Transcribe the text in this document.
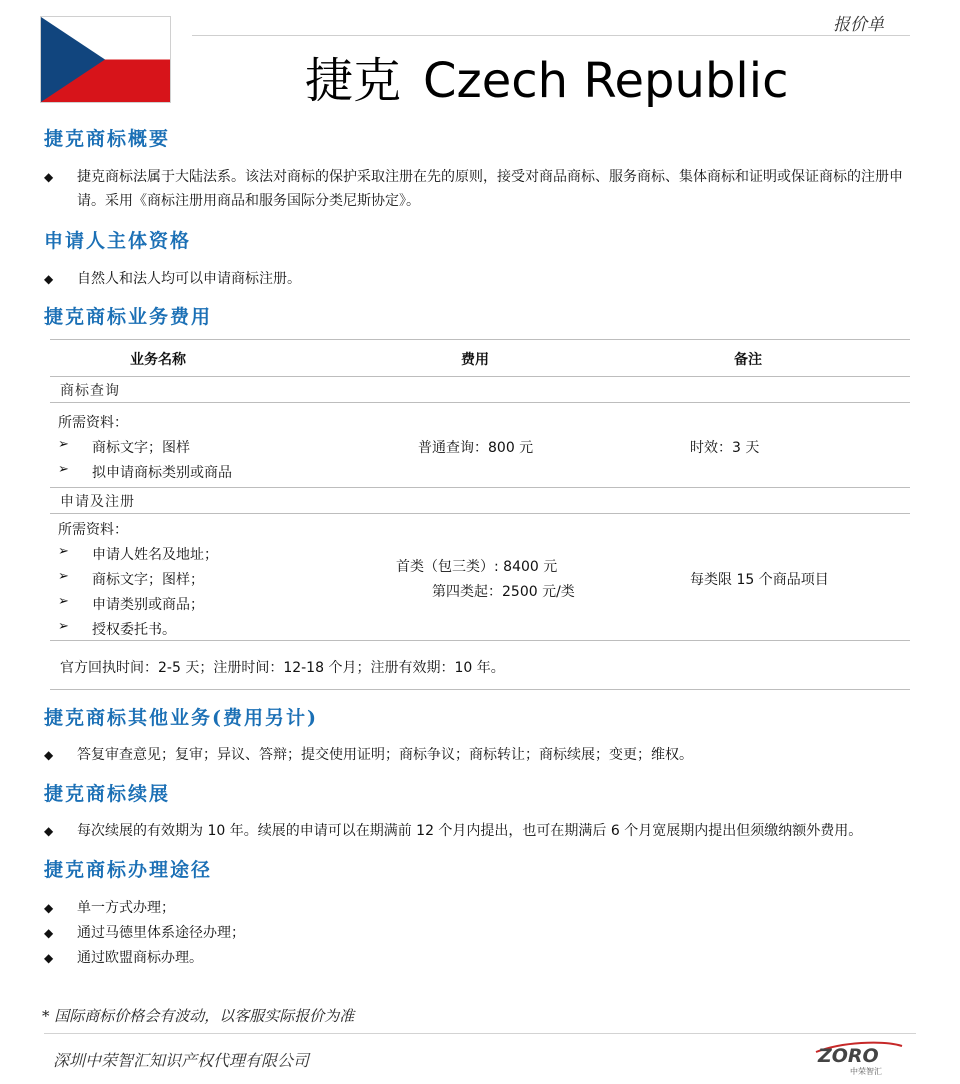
报价单
捷克 Czech Republic
捷克商标概要
◆	捷克商标法属于大陆法系。该法对商标的保护采取注册在先的原则，接受对商品商标、服务商标、集体商标和证明或保证商标的注册申请。采用《商标注册用商品和服务国际分类尼斯协定》。
申请人主体资格
◆	自然人和法人均可以申请商标注册。
捷克商标业务费用
业务名称	费用	备注
商标查询
所需资料：
➢ 商标文字；图样
➢ 拟申请商标类别或商品
普通查询：800 元	时效：3 天
申请及注册
所需资料：
➢ 申请人姓名及地址；
➢ 商标文字；图样；
➢ 申请类别或商品；
➢ 授权委托书。
首类（包三类）: 8400 元
第四类起：2500 元/类
每类限 15 个商品项目
官方回执时间：2-5 天；注册时间：12-18 个月；注册有效期：10 年。
捷克商标其他业务(费用另计)
◆	答复审查意见；复审；异议、答辩；提交使用证明；商标争议；商标转让；商标续展；变更；维权。
捷克商标续展
◆	每次续展的有效期为 10 年。续展的申请可以在期满前 12 个月内提出，也可在期满后 6 个月宽展期内提出但须缴纳额外费用。
捷克商标办理途径
◆	单一方式办理；
◆	通过马德里体系途径办理；
◆	通过欧盟商标办理。
* 国际商标价格会有波动，以客服实际报价为准
深圳中荣智汇知识产权代理有限公司	ZORO
中荣智汇
